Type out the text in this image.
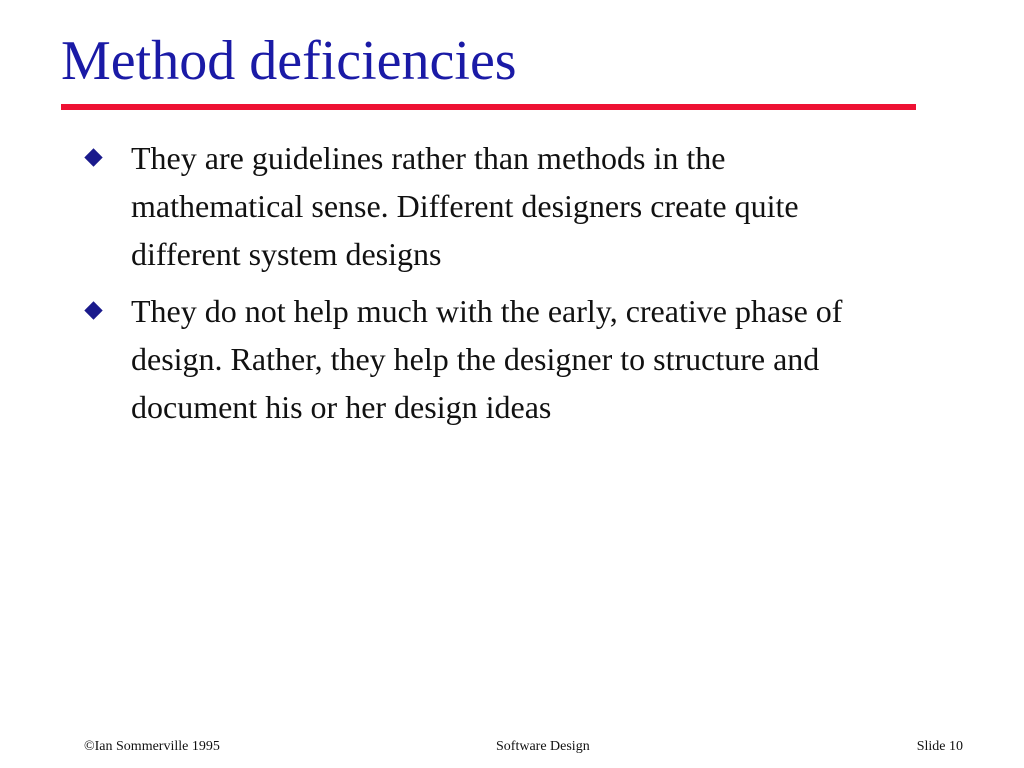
Method deficiencies
They are guidelines rather than methods in the mathematical sense. Different designers create quite different system designs
They do not help much with the early, creative phase of design. Rather, they help the designer to structure and document his or her design ideas
©Ian Sommerville 1995	Software Design	Slide 10
